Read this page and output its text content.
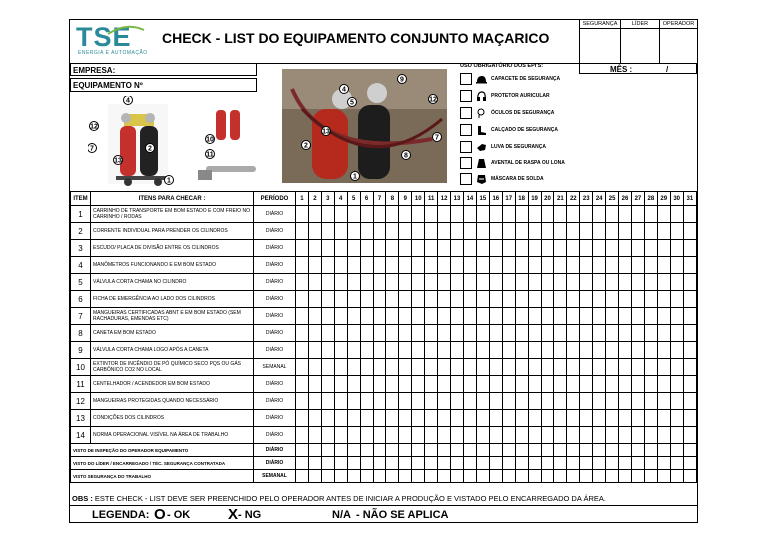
TSE
ENERGIA E AUTOMAÇÃO
CHECK - LIST DO EQUIPAMENTO CONJUNTO MAÇARICO
SEGURANÇA	LÍDER	OPERADOR
EMPRESA:
EQUIPAMENTO Nº
MÊS :	/
4
12
7	2
13
1
10
11
9
4
5	12
13
2
7
8
1
USO OBRIGATÓRIO DOS EPI'S:
CAPACETE DE SEGURANÇA
PROTETOR AURICULAR
ÓCULOS DE SEGURANÇA
CALÇADO DE SEGURANÇA
LUVA DE SEGURANÇA
AVENTAL DE RASPA OU LONA
MÁSCARA DE SOLDA
ITEM	ITENS PARA CHECAR :	PERÍODO	1	2	3	4	5	6	7	8	9	10	11	12	13	14	15	16	17	18	19	20	21	22	23	24	25	26	27	28	29	30	31
1	CARRINHO DE TRANSPORTE EM BOM ESTADO E COM FREIO NO CARRINHO / RODAS	DIÁRIO																															
2	CORRENTE INDIVIDUAL PARA PRENDER OS CILINDROS	DIÁRIO																															
3	ESCUDO/ PLACA DE DIVISÃO ENTRE OS CILINDROS	DIÁRIO																															
4	MANÔMETROS FUNCIONANDO E EM BOM ESTADO	DIÁRIO																															
5	VÁLVULA CORTA CHAMA NO CILINDRO	DIÁRIO																															
6	FICHA DE EMERGÊNCIA AO LADO DOS CILINDROS	DIÁRIO																															
7	MANGUEIRAS CERTIFICADAS ABNT E EM BOM ESTADO (SEM RACHADURAS, EMENDAS ETC)	DIÁRIO																															
8	CANETA EM BOM ESTADO	DIÁRIO																															
9	VÁLVULA CORTA CHAMA LOGO APÓS A CANETA	DIÁRIO																															
10	EXTINTOR DE INCÊNDIO DE PÓ QUÍMICO SECO PQS OU GÁS CARBÔNICO CO2 NO LOCAL	SEMANAL																															
11	CENTELHADOR / ACENDEDOR EM BOM ESTADO	DIÁRIO																															
12	MANGUEIRAS PROTEGIDAS QUANDO NECESSÁRIO	DIÁRIO																															
13	CONDIÇÕES DOS CILINDROS	DIÁRIO																															
14	NORMA OPERACIONAL VISÍVEL NA ÁREA DE TRABALHO	DIÁRIO																															
VISTO DE INSPEÇÃO DO OPERADOR EQUIPAMENTO		DIÁRIO																															
VISTO DO LÍDER / ENCARREGADO / TÉC. SEGURANÇA CONTRATADA		DIÁRIO																															
VISTO SEGURANÇA DO TRABALHO		SEMANAL																															
OBS : ESTE CHECK - LIST DEVE SER PREENCHIDO PELO OPERADOR ANTES DE INICIAR A PRODUÇÃO E VISTADO PELO ENCARREGADO DA ÁREA.
LEGENDA: O - OK	X - NG	N/A - NÃO SE APLICA
